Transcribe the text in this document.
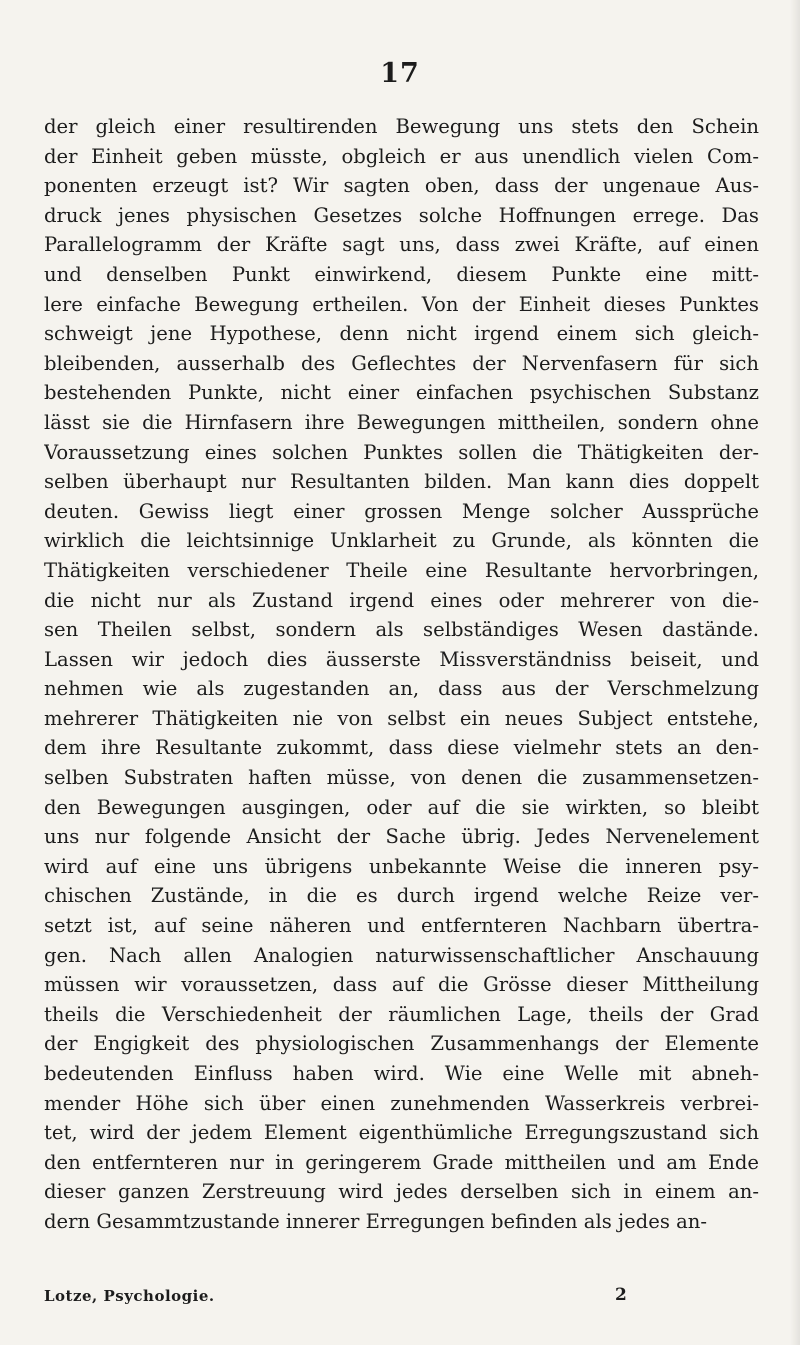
17
der gleich einer resultirenden Bewegung uns stets den Schein
der Einheit geben müsste, obgleich er aus unendlich vielen Com-
ponenten erzeugt ist? Wir sagten oben, dass der ungenaue Aus-
druck jenes physischen Gesetzes solche Hoffnungen errege. Das
Parallelogramm der Kräfte sagt uns, dass zwei Kräfte, auf einen
und denselben Punkt einwirkend, diesem Punkte eine mitt-
lere einfache Bewegung ertheilen. Von der Einheit dieses Punktes
schweigt jene Hypothese, denn nicht irgend einem sich gleich-
bleibenden, ausserhalb des Geflechtes der Nervenfasern für sich
bestehenden Punkte, nicht einer einfachen psychischen Substanz
lässt sie die Hirnfasern ihre Bewegungen mittheilen, sondern ohne
Voraussetzung eines solchen Punktes sollen die Thätigkeiten der-
selben überhaupt nur Resultanten bilden. Man kann dies doppelt
deuten. Gewiss liegt einer grossen Menge solcher Aussprüche
wirklich die leichtsinnige Unklarheit zu Grunde, als könnten die
Thätigkeiten verschiedener Theile eine Resultante hervorbringen,
die nicht nur als Zustand irgend eines oder mehrerer von die-
sen Theilen selbst, sondern als selbständiges Wesen dastände.
Lassen wir jedoch dies äusserste Missverständniss beiseit, und
nehmen wie als zugestanden an, dass aus der Verschmelzung
mehrerer Thätigkeiten nie von selbst ein neues Subject entstehe,
dem ihre Resultante zukommt, dass diese vielmehr stets an den-
selben Substraten haften müsse, von denen die zusammensetzen-
den Bewegungen ausgingen, oder auf die sie wirkten, so bleibt
uns nur folgende Ansicht der Sache übrig. Jedes Nervenelement
wird auf eine uns übrigens unbekannte Weise die inneren psy-
chischen Zustände, in die es durch irgend welche Reize ver-
setzt ist, auf seine näheren und entfernteren Nachbarn übertra-
gen. Nach allen Analogien naturwissenschaftlicher Anschauung
müssen wir voraussetzen, dass auf die Grösse dieser Mittheilung
theils die Verschiedenheit der räumlichen Lage, theils der Grad
der Engigkeit des physiologischen Zusammenhangs der Elemente
bedeutenden Einfluss haben wird. Wie eine Welle mit abneh-
mender Höhe sich über einen zunehmenden Wasserkreis verbrei-
tet, wird der jedem Element eigenthümliche Erregungszustand sich
den entfernteren nur in geringerem Grade mittheilen und am Ende
dieser ganzen Zerstreuung wird jedes derselben sich in einem an-
dern Gesammtzustande innerer Erregungen befinden als jedes an-
Lotze, Psychologie.	2
